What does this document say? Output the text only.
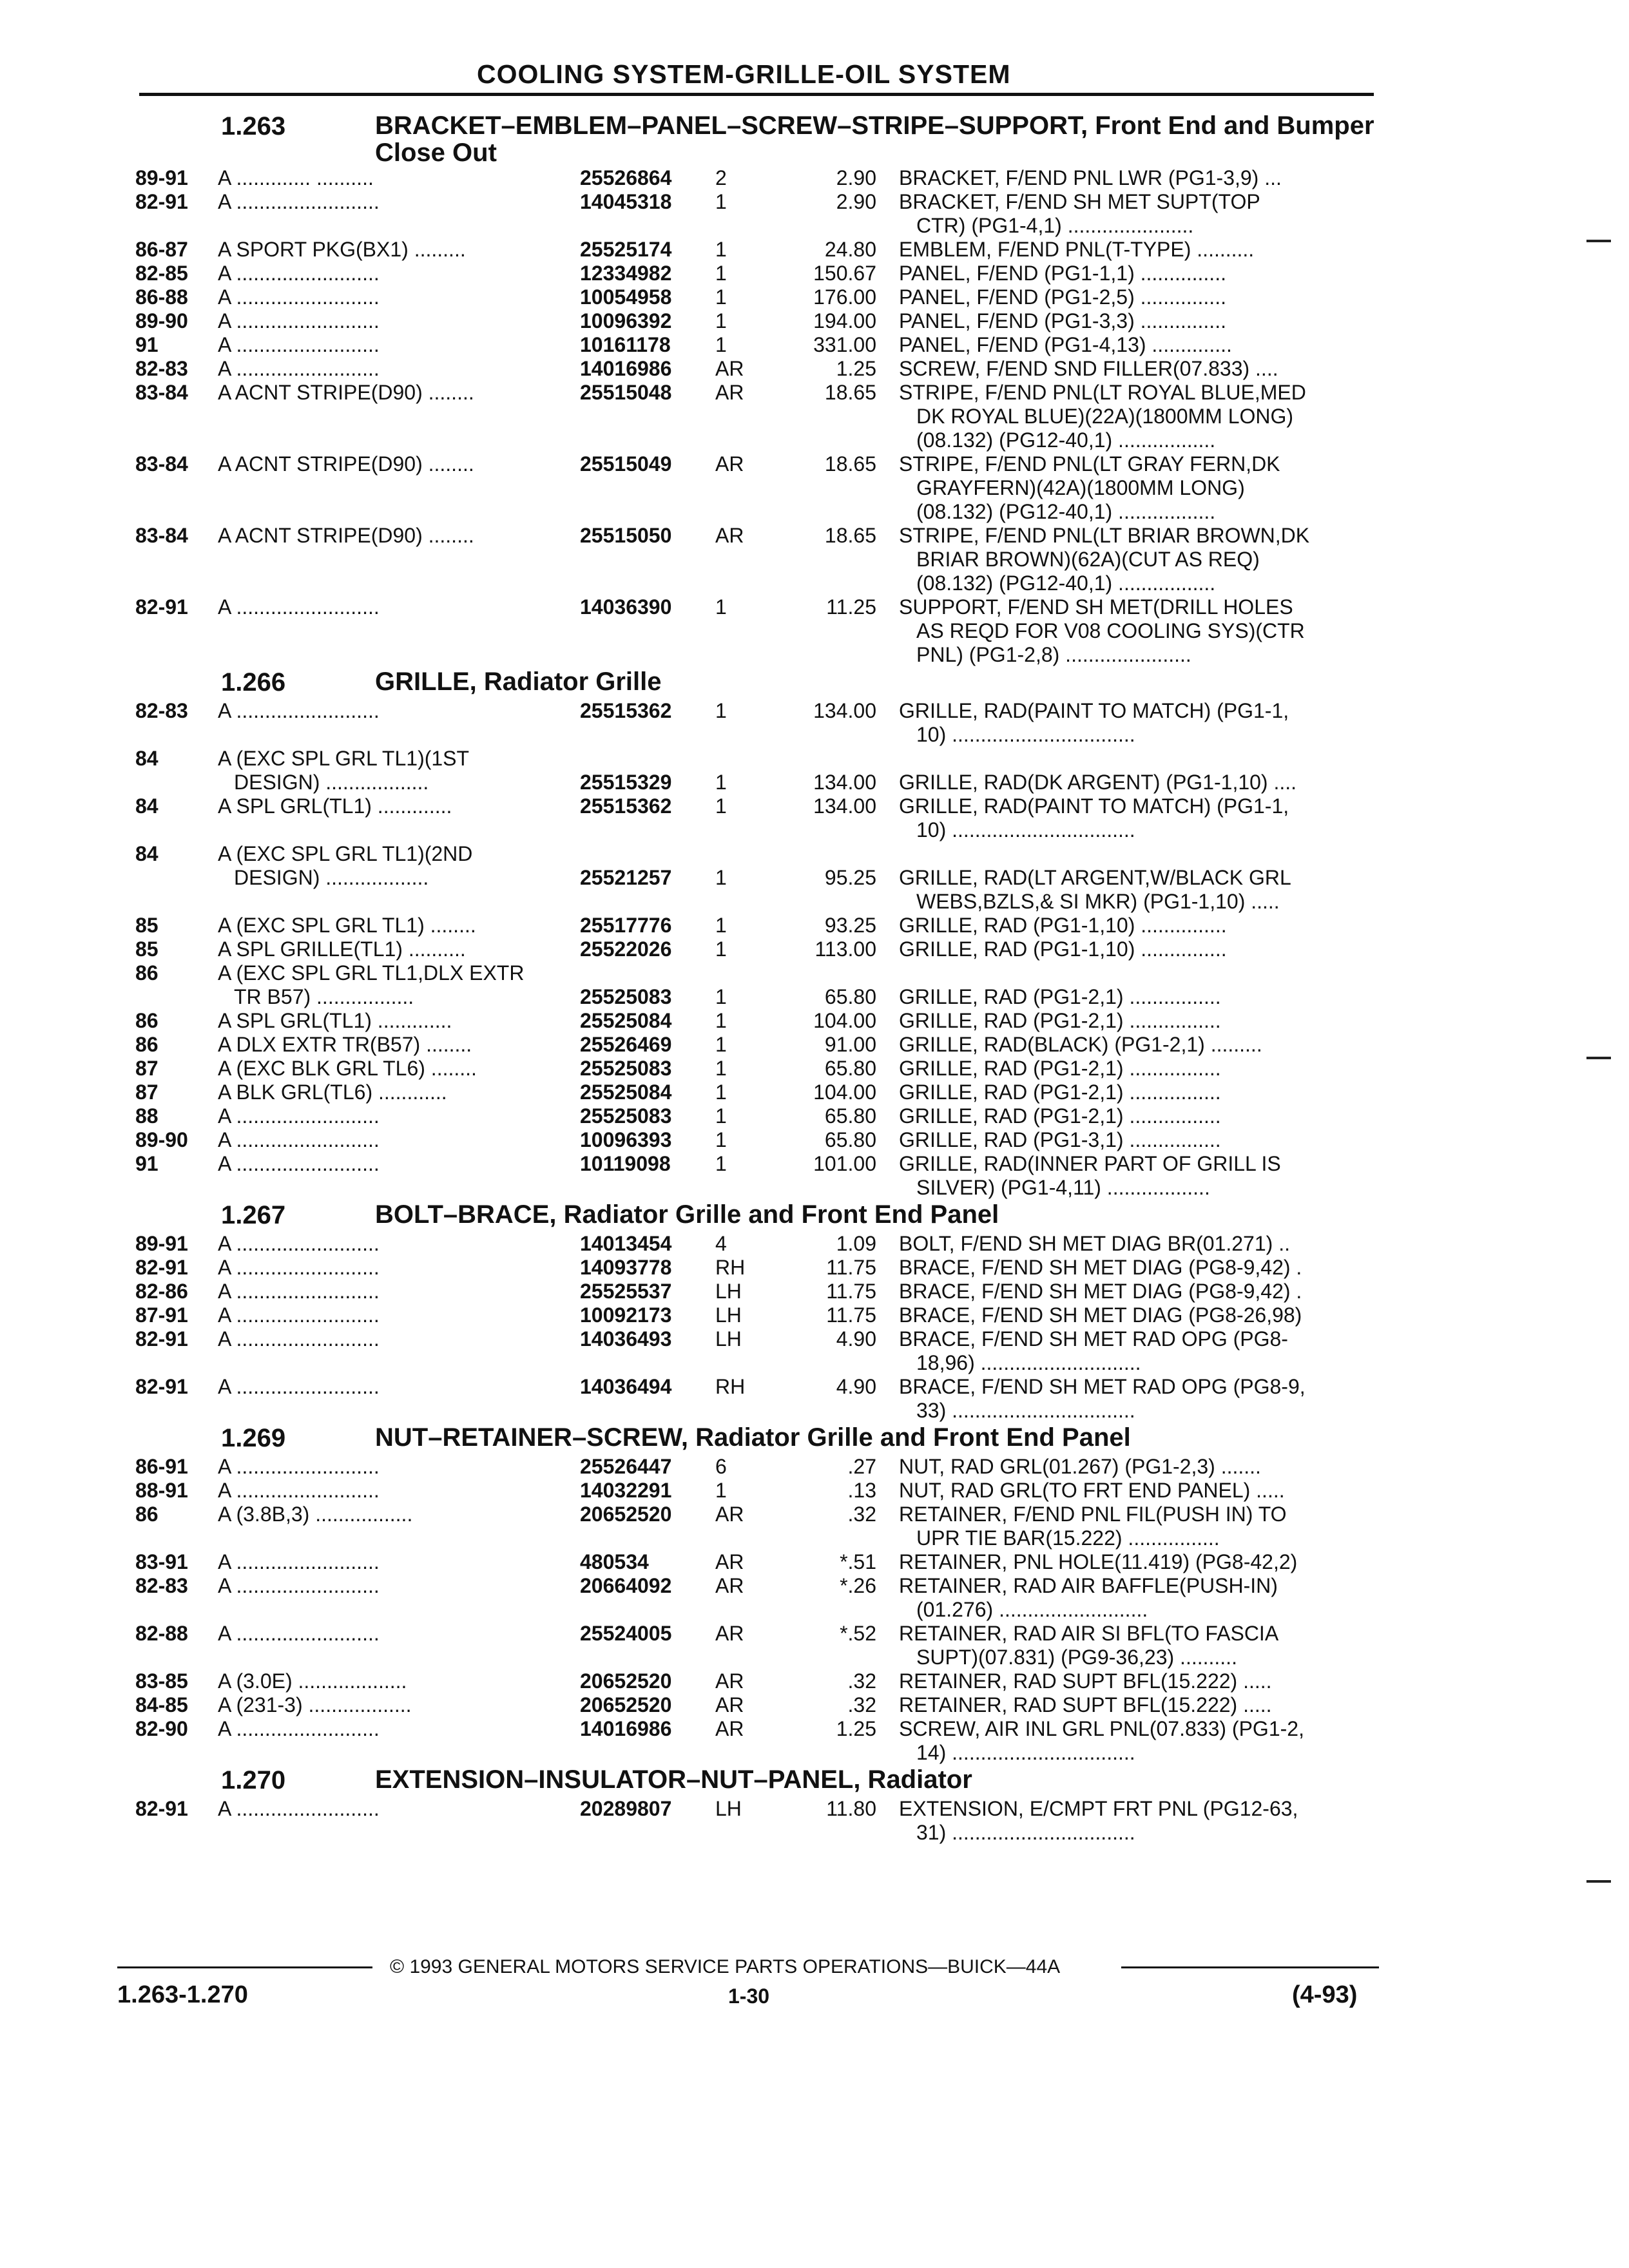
COOLING SYSTEM-GRILLE-OIL SYSTEM
1.263	BRACKET–EMBLEM–PANEL–SCREW–STRIPE–SUPPORT, Front End and Bumper Close Out
89-91 A ............. ..........	25526864 2	2.90 BRACKET, F/END PNL LWR (PG1-3,9) ...
82-91 A .........................	14045318 1	2.90 BRACKET, F/END SH MET SUPT(TOP
CTR) (PG1-4,1) ......................
86-87 A SPORT PKG(BX1) .........	25525174 1	24.80 EMBLEM, F/END PNL(T-TYPE) ..........
82-85 A .........................	12334982 1	150.67 PANEL, F/END (PG1-1,1) ...............
86-88 A .........................	10054958 1	176.00 PANEL, F/END (PG1-2,5) ...............
89-90 A .........................	10096392 1	194.00 PANEL, F/END (PG1-3,3) ...............
91	A .........................	10161178 1	331.00 PANEL, F/END (PG1-4,13) ..............
82-83 A .........................	14016986 AR	1.25 SCREW, F/END SND FILLER(07.833) ....
83-84 A ACNT STRIPE(D90) ........	25515048 AR	18.65 STRIPE, F/END PNL(LT ROYAL BLUE,MED
DK ROYAL BLUE)(22A)(1800MM LONG)
(08.132) (PG12-40,1) .................
83-84 A ACNT STRIPE(D90) ........	25515049 AR	18.65 STRIPE, F/END PNL(LT GRAY FERN,DK
GRAYFERN)(42A)(1800MM LONG)
(08.132) (PG12-40,1) .................
83-84 A ACNT STRIPE(D90) ........	25515050 AR	18.65 STRIPE, F/END PNL(LT BRIAR BROWN,DK
BRIAR BROWN)(62A)(CUT AS REQ)
(08.132) (PG12-40,1) .................
82-91 A .........................	14036390 1	11.25 SUPPORT, F/END SH MET(DRILL HOLES
AS REQD FOR V08 COOLING SYS)(CTR
PNL) (PG1-2,8) ......................
1.266	GRILLE, Radiator Grille
82-83 A .........................	25515362 1	134.00 GRILLE, RAD(PAINT TO MATCH) (PG1-1,
10) ................................
84	A (EXC SPL GRL TL1)(1ST
DESIGN) ..................	25515329 1	134.00 GRILLE, RAD(DK ARGENT) (PG1-1,10) ....
84	A SPL GRL(TL1) .............	25515362 1	134.00 GRILLE, RAD(PAINT TO MATCH) (PG1-1,
10) ................................
84	A (EXC SPL GRL TL1)(2ND
DESIGN) ..................	25521257 1	95.25 GRILLE, RAD(LT ARGENT,W/BLACK GRL
WEBS,BZLS,& SI MKR) (PG1-1,10) .....
85	A (EXC SPL GRL TL1) ........	25517776 1	93.25 GRILLE, RAD (PG1-1,10) ...............
85	A SPL GRILLE(TL1) ..........	25522026 1	113.00 GRILLE, RAD (PG1-1,10) ...............
86	A (EXC SPL GRL TL1,DLX EXTR
TR B57) .................	25525083 1	65.80 GRILLE, RAD (PG1-2,1) ................
86	A SPL GRL(TL1) .............	25525084 1	104.00 GRILLE, RAD (PG1-2,1) ................
86	A DLX EXTR TR(B57) ........	25526469 1	91.00 GRILLE, RAD(BLACK) (PG1-2,1) .........
87	A (EXC BLK GRL TL6) ........	25525083 1	65.80 GRILLE, RAD (PG1-2,1) ................
87	A BLK GRL(TL6) ............	25525084 1	104.00 GRILLE, RAD (PG1-2,1) ................
88	A .........................	25525083 1	65.80 GRILLE, RAD (PG1-2,1) ................
89-90 A .........................	10096393 1	65.80 GRILLE, RAD (PG1-3,1) ................
91	A .........................	10119098 1	101.00 GRILLE, RAD(INNER PART OF GRILL IS
SILVER) (PG1-4,11) ..................
1.267	BOLT–BRACE, Radiator Grille and Front End Panel
89-91 A .........................	14013454 4	1.09 BOLT, F/END SH MET DIAG BR(01.271) ..
82-91 A .........................	14093778 RH	11.75 BRACE, F/END SH MET DIAG (PG8-9,42) .
82-86 A .........................	25525537 LH	11.75 BRACE, F/END SH MET DIAG (PG8-9,42) .
87-91 A .........................	10092173 LH	11.75 BRACE, F/END SH MET DIAG (PG8-26,98)
82-91 A .........................	14036493 LH	4.90 BRACE, F/END SH MET RAD OPG (PG8-
18,96) ............................
82-91 A .........................	14036494 RH	4.90 BRACE, F/END SH MET RAD OPG (PG8-9,
33) ................................
1.269	NUT–RETAINER–SCREW, Radiator Grille and Front End Panel
86-91 A .........................	25526447 6	.27 NUT, RAD GRL(01.267) (PG1-2,3) .......
88-91 A .........................	14032291 1	.13 NUT, RAD GRL(TO FRT END PANEL) .....
86	A (3.8B,3) .................	20652520 AR	.32 RETAINER, F/END PNL FIL(PUSH IN) TO
UPR TIE BAR(15.222) ................
83-91 A .........................	480534	AR	*.51 RETAINER, PNL HOLE(11.419) (PG8-42,2)
82-83 A .........................	20664092 AR	*.26 RETAINER, RAD AIR BAFFLE(PUSH-IN)
(01.276) ..........................
82-88 A .........................	25524005 AR	*.52 RETAINER, RAD AIR SI BFL(TO FASCIA
SUPT)(07.831) (PG9-36,23) ..........
83-85 A (3.0E) ...................	20652520 AR	.32 RETAINER, RAD SUPT BFL(15.222) .....
84-85 A (231-3) ..................	20652520 AR	.32 RETAINER, RAD SUPT BFL(15.222) .....
82-90 A .........................	14016986 AR	1.25 SCREW, AIR INL GRL PNL(07.833) (PG1-2,
14) ................................
1.270	EXTENSION–INSULATOR–NUT–PANEL, Radiator
82-91 A .........................	20289807 LH	11.80 EXTENSION, E/CMPT FRT PNL (PG12-63,
31) ................................
© 1993 GENERAL MOTORS SERVICE PARTS OPERATIONS—BUICK—44A
1.263-1.270	1-30	(4-93)
